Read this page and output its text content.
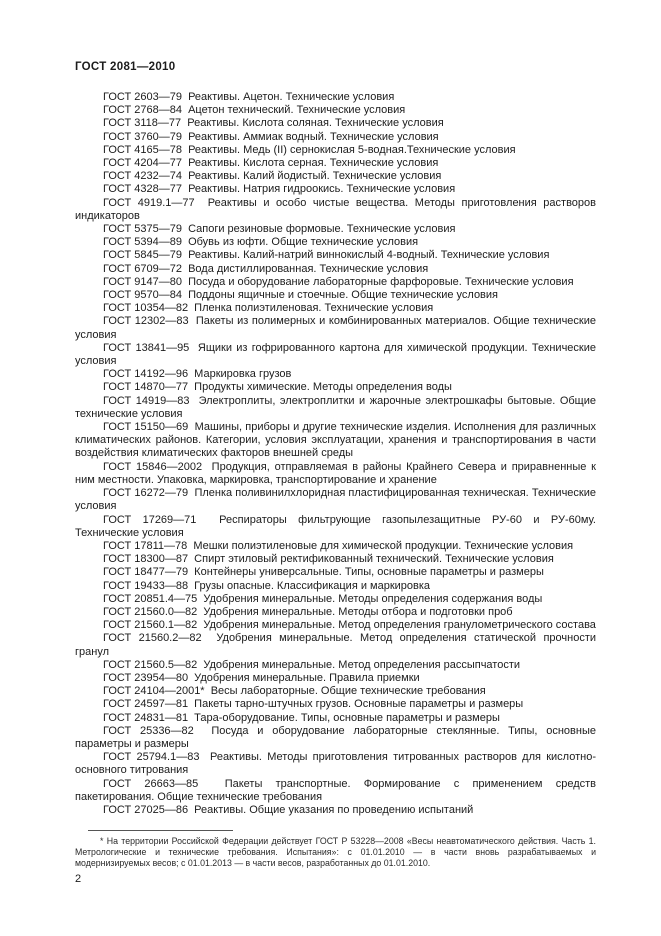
ГОСТ 2081—2010

ГОСТ 2603—79  Реактивы. Ацетон. Технические условия

ГОСТ 2768—84  Ацетон технический. Технические условия

ГОСТ 3118—77  Реактивы. Кислота соляная. Технические условия

ГОСТ 3760—79  Реактивы. Аммиак водный. Технические условия

ГОСТ 4165—78  Реактивы. Медь (II) сернокислая 5-водная.Технические условия

ГОСТ 4204—77  Реактивы. Кислота серная. Технические условия

ГОСТ 4232—74  Реактивы. Калий йодистый. Технические условия

ГОСТ 4328—77  Реактивы. Натрия гидроокись. Технические условия

ГОСТ 4919.1—77  Реактивы и особо чистые вещества. Методы приготовления растворов индикаторов

ГОСТ 5375—79  Сапоги резиновые формовые. Технические условия

ГОСТ 5394—89  Обувь из юфти. Общие технические условия

ГОСТ 5845—79  Реактивы. Калий-натрий виннокислый 4-водный. Технические условия

ГОСТ 6709—72  Вода дистиллированная. Технические условия

ГОСТ 9147—80  Посуда и оборудование лабораторные фарфоровые. Технические условия

ГОСТ 9570—84  Поддоны ящичные и стоечные. Общие технические условия

ГОСТ 10354—82  Пленка полиэтиленовая. Технические условия

ГОСТ 12302—83  Пакеты из полимерных и комбинированных материалов. Общие технические условия

ГОСТ 13841—95  Ящики из гофрированного картона для химической продукции. Технические условия

ГОСТ 14192—96  Маркировка грузов

ГОСТ 14870—77  Продукты химические. Методы определения воды

ГОСТ 14919—83  Электроплиты, электроплитки и жарочные электрошкафы бытовые. Общие технические условия

ГОСТ 15150—69  Машины, приборы и другие технические изделия. Исполнения для различных климатических районов. Категории, условия эксплуатации, хранения и транспортирования в части воздействия климатических факторов внешней среды

ГОСТ 15846—2002  Продукция, отправляемая в районы Крайнего Севера и приравненные к ним местности. Упаковка, маркировка, транспортирование и хранение

ГОСТ 16272—79  Пленка поливинилхлоридная пластифицированная техническая. Технические условия

ГОСТ 17269—71  Респираторы фильтрующие газопылезащитные РУ-60 и РУ-60му. Технические условия

ГОСТ 17811—78  Мешки полиэтиленовые для химической продукции. Технические условия

ГОСТ 18300—87  Спирт этиловый ректификованный технический. Технические условия

ГОСТ 18477—79  Контейнеры универсальные. Типы, основные параметры и размеры

ГОСТ 19433—88  Грузы опасные. Классификация и маркировка

ГОСТ 20851.4—75  Удобрения минеральные. Методы определения содержания воды

ГОСТ 21560.0—82  Удобрения минеральные. Методы отбора и подготовки проб

ГОСТ 21560.1—82  Удобрения минеральные. Метод определения гранулометрического состава

ГОСТ 21560.2—82  Удобрения минеральные. Метод определения статической прочности гранул

ГОСТ 21560.5—82  Удобрения минеральные. Метод определения рассыпчатости

ГОСТ 23954—80  Удобрения минеральные. Правила приемки

ГОСТ 24104—2001*  Весы лабораторные. Общие технические требования

ГОСТ 24597—81  Пакеты тарно-штучных грузов. Основные параметры и размеры

ГОСТ 24831—81  Тара-оборудование. Типы, основные параметры и размеры

ГОСТ 25336—82  Посуда и оборудование лабораторные стеклянные. Типы, основные параметры и размеры

ГОСТ 25794.1—83  Реактивы. Методы приготовления титрованных растворов для кислотно-основного титрования

ГОСТ 26663—85  Пакеты транспортные. Формирование с применением средств пакетирования. Общие технические требования

ГОСТ 27025—86  Реактивы. Общие указания по проведению испытаний

* На территории Российской Федерации действует ГОСТ Р 53228—2008 «Весы неавтоматического действия. Часть 1. Метрологические и технические требования. Испытания»: с 01.01.2010 — в части вновь разрабатываемых и модернизируемых весов; с 01.01.2013 — в части весов, разработанных до 01.01.2010.

2
